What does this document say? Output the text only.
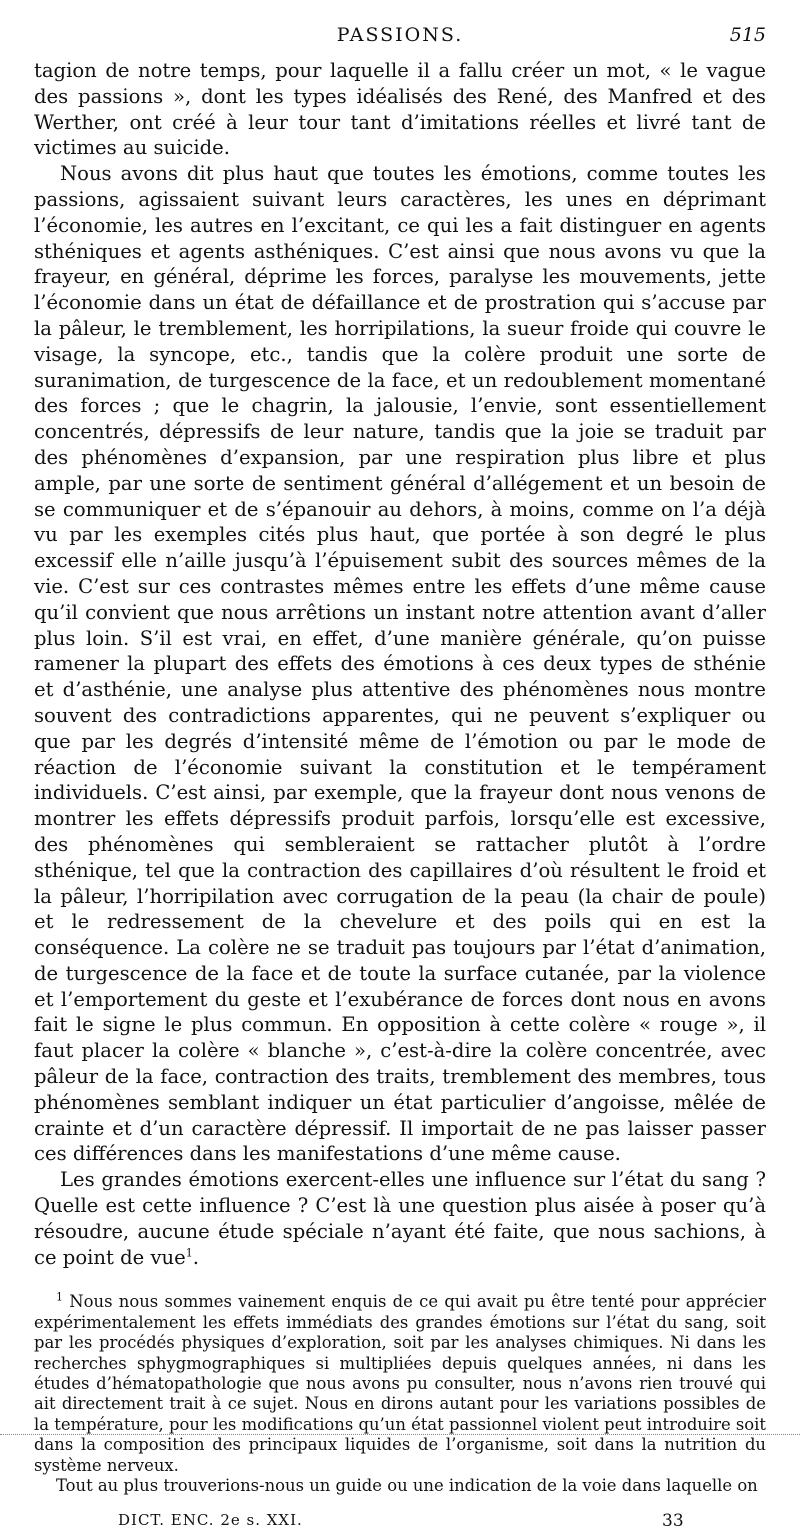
PASSIONS.	515

tagion de notre temps, pour laquelle il a fallu créer un mot, « le vague des passions », dont les types idéalisés des René, des Manfred et des Werther, ont créé à leur tour tant d’imitations réelles et livré tant de victimes au suicide.

Nous avons dit plus haut que toutes les émotions, comme toutes les passions, agissaient suivant leurs caractères, les unes en déprimant l’économie, les autres en l’excitant, ce qui les a fait distinguer en agents sthéniques et agents asthéniques. C’est ainsi que nous avons vu que la frayeur, en général, déprime les forces, paralyse les mouvements, jette l’économie dans un état de défaillance et de prostration qui s’accuse par la pâleur, le tremblement, les horripilations, la sueur froide qui couvre le visage, la syncope, etc., tandis que la colère produit une sorte de suranimation, de turgescence de la face, et un redoublement momentané des forces ; que le chagrin, la jalousie, l’envie, sont essentiellement concentrés, dépressifs de leur nature, tandis que la joie se traduit par des phénomènes d’expansion, par une respiration plus libre et plus ample, par une sorte de sentiment général d’allégement et un besoin de se communiquer et de s’épanouir au dehors, à moins, comme on l’a déjà vu par les exemples cités plus haut, que portée à son degré le plus excessif elle n’aille jusqu’à l’épuisement subit des sources mêmes de la vie. C’est sur ces contrastes mêmes entre les effets d’une même cause qu’il convient que nous arrêtions un instant notre attention avant d’aller plus loin. S’il est vrai, en effet, d’une manière générale, qu’on puisse ramener la plupart des effets des émotions à ces deux types de sthénie et d’asthénie, une analyse plus attentive des phénomènes nous montre souvent des contradictions apparentes, qui ne peuvent s’expliquer ou que par les degrés d’intensité même de l’émotion ou par le mode de réaction de l’économie suivant la constitution et le tempérament individuels. C’est ainsi, par exemple, que la frayeur dont nous venons de montrer les effets dépressifs produit parfois, lorsqu’elle est excessive, des phénomènes qui sembleraient se rattacher plutôt à l’ordre sthénique, tel que la contraction des capillaires d’où résultent le froid et la pâleur, l’horripilation avec corrugation de la peau (la chair de poule) et le redressement de la chevelure et des poils qui en est la conséquence. La colère ne se traduit pas toujours par l’état d’animation, de turgescence de la face et de toute la surface cutanée, par la violence et l’emportement du geste et l’exubérance de forces dont nous en avons fait le signe le plus commun. En opposition à cette colère « rouge », il faut placer la colère « blanche », c’est-à-dire la colère concentrée, avec pâleur de la face, contraction des traits, tremblement des membres, tous phénomènes semblant indiquer un état particulier d’angoisse, mêlée de crainte et d’un caractère dépressif. Il importait de ne pas laisser passer ces différences dans les manifestations d’une même cause.

Les grandes émotions exercent-elles une influence sur l’état du sang ? Quelle est cette influence ? C’est là une question plus aisée à poser qu’à résoudre, aucune étude spéciale n’ayant été faite, que nous sachions, à ce point de vue$^1$.

$^1$ Nous nous sommes vainement enquis de ce qui avait pu être tenté pour apprécier expérimentalement les effets immédiats des grandes émotions sur l’état du sang, soit par les procédés physiques d’exploration, soit par les analyses chimiques. Ni dans les recherches sphygmographiques si multipliées depuis quelques années, ni dans les études d’hématopathologie que nous avons pu consulter, nous n’avons rien trouvé qui ait directement trait à ce sujet. Nous en dirons autant pour les variations possibles de la température, pour les modifications qu’un état passionnel violent peut introduire soit dans la composition des principaux liquides de l’organisme, soit dans la nutrition du système nerveux.

Tout au plus trouverions-nous un guide ou une indication de la voie dans laquelle on

DICT. ENC. 2e s. XXI.	33
